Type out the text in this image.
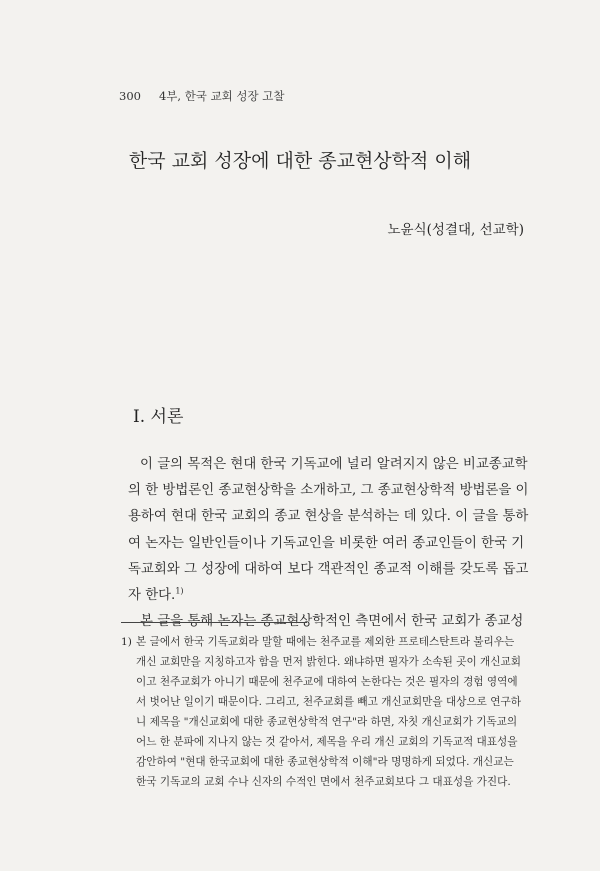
300 4부, 한국 교회 성장 고찰
한국 교회 성장에 대한 종교현상학적 이해
노윤식(성결대, 선교학)
I. 서론
이 글의 목적은 현대 한국 기독교에 널리 알려지지 않은 비교종교학
의 한 방법론인 종교현상학을 소개하고, 그 종교현상학적 방법론을 이
용하여 현대 한국 교회의 종교 현상을 분석하는 데 있다. 이 글을 통하
여 논자는 일반인들이나 기독교인을 비롯한 여러 종교인들이 한국 기
독교회와 그 성장에 대하여 보다 객관적인 종교적 이해를 갖도록 돕고
자 한다.$^{1)}$
본 글을 통해 논자는 종교현상학적인 측면에서 한국 교회가 종교성
1) 본 글에서 한국 기독교회라 말할 때에는 천주교를 제외한 프로테스탄트라 불리우는
개신 교회만을 지칭하고자 함을 먼저 밝힌다. 왜냐하면 필자가 소속된 곳이 개신교회
이고 천주교회가 아니기 때문에 천주교에 대하여 논한다는 것은 필자의 경험 영역에
서 벗어난 일이기 때문이다. 그리고, 천주교회를 빼고 개신교회만을 대상으로 연구하
니 제목을 "개신교회에 대한 종교현상학적 연구"라 하면, 자칫 개신교회가 기독교의
어느 한 분파에 지나지 않는 것 같아서, 제목을 우리 개신 교회의 기독교적 대표성을
감안하여 "현대 한국교회에 대한 종교현상학적 이해"라 명명하게 되었다. 개신교는
한국 기독교의 교회 수나 신자의 수적인 면에서 천주교회보다 그 대표성을 가진다.
